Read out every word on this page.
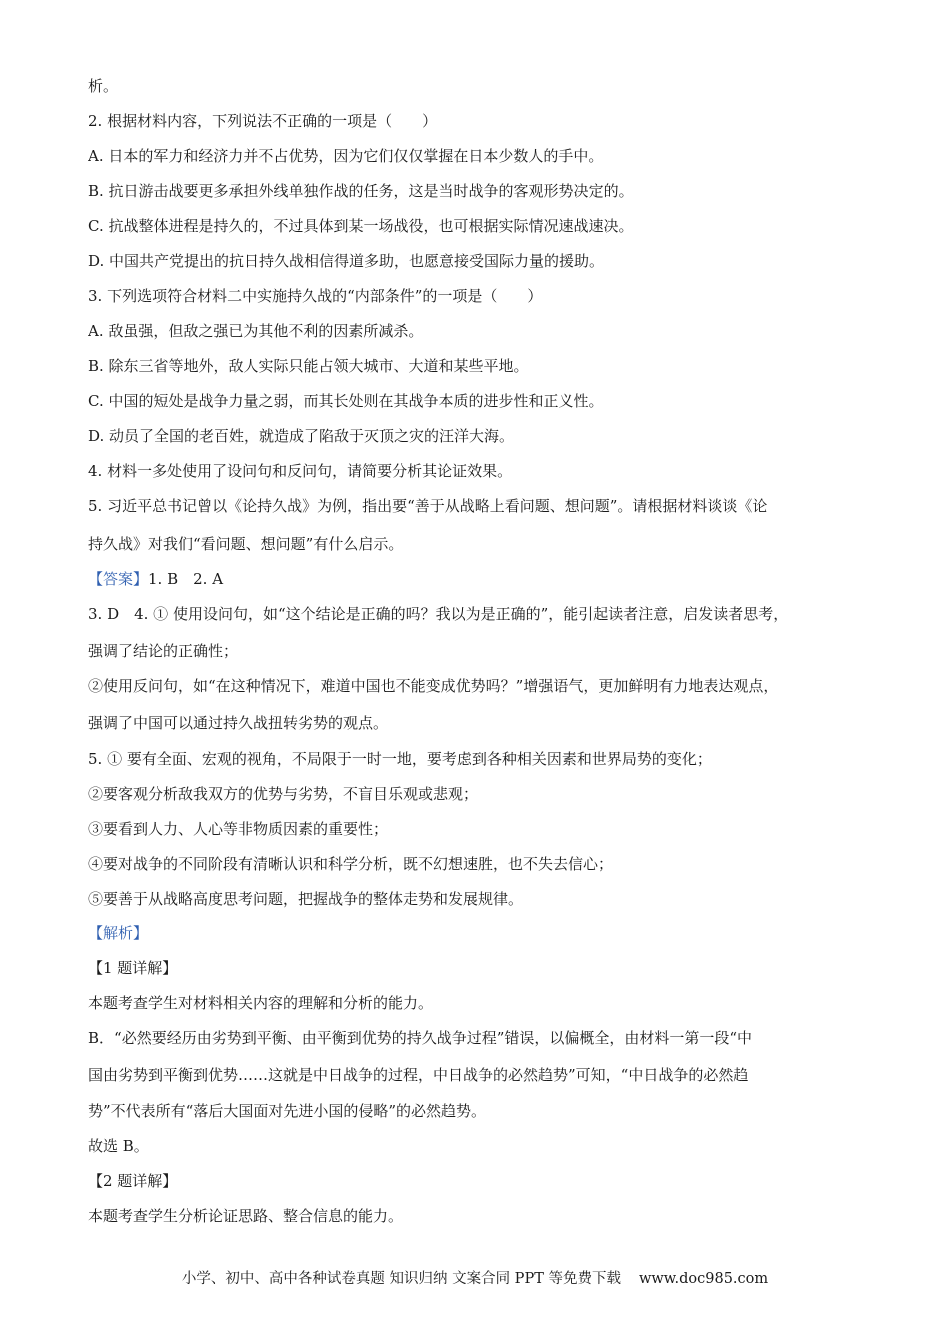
析。
2. 根据材料内容，下列说法不正确的一项是（　　）
A. 日本的军力和经济力并不占优势，因为它们仅仅掌握在日本少数人的手中。
B. 抗日游击战要更多承担外线单独作战的任务，这是当时战争的客观形势决定的。
C. 抗战整体进程是持久的，不过具体到某一场战役，也可根据实际情况速战速决。
D. 中国共产党提出的抗日持久战相信得道多助，也愿意接受国际力量的援助。
3. 下列选项符合材料二中实施持久战的“内部条件”的一项是（　　）
A. 敌虽强，但敌之强已为其他不利的因素所减杀。
B. 除东三省等地外，敌人实际只能占领大城市、大道和某些平地。
C. 中国的短处是战争力量之弱，而其长处则在其战争本质的进步性和正义性。
D. 动员了全国的老百姓，就造成了陷敌于灭顶之灾的汪洋大海。
4. 材料一多处使用了设问句和反问句，请简要分析其论证效果。
5. 习近平总书记曾以《论持久战》为例，指出要“善于从战略上看问题、想问题”。请根据材料谈谈《论
持久战》对我们“看问题、想问题”有什么启示。
【答案】1. B　2. A
3. D　4. ① 使用设问句，如“这个结论是正确的吗？我以为是正确的”，能引起读者注意，启发读者思考，
强调了结论的正确性；
②使用反问句，如“在这种情况下，难道中国也不能变成优势吗？”增强语气，更加鲜明有力地表达观点，
强调了中国可以通过持久战扭转劣势的观点。
5. ① 要有全面、宏观的视角，不局限于一时一地，要考虑到各种相关因素和世界局势的变化；
②要客观分析敌我双方的优势与劣势，不盲目乐观或悲观；
③要看到人力、人心等非物质因素的重要性；
④要对战争的不同阶段有清晰认识和科学分析，既不幻想速胜，也不失去信心；
⑤要善于从战略高度思考问题，把握战争的整体走势和发展规律。
【解析】
【1 题详解】
本题考查学生对材料相关内容的理解和分析的能力。
B．“必然要经历由劣势到平衡、由平衡到优势的持久战争过程”错误，以偏概全，由材料一第一段“中
国由劣势到平衡到优势……这就是中日战争的过程，中日战争的必然趋势”可知，“中日战争的必然趋
势”不代表所有“落后大国面对先进小国的侵略”的必然趋势。
故选 B。
【2 题详解】
本题考查学生分析论证思路、整合信息的能力。
小学、初中、高中各种试卷真题 知识归纳 文案合同 PPT 等免费下载 www.doc985.com
